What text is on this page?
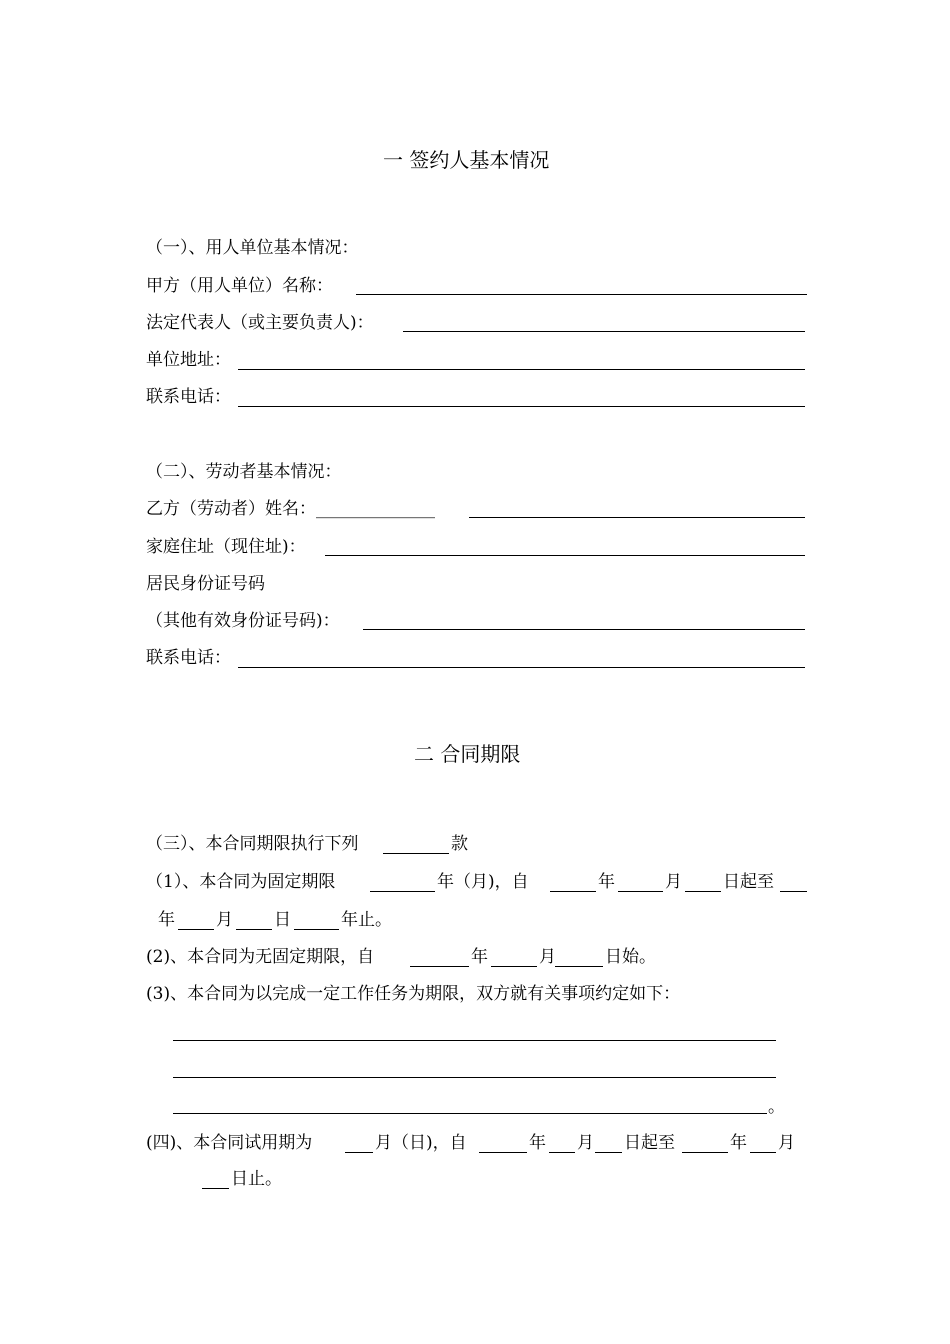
一 签约人基本情况
（一）、用人单位基本情况：
甲方（用人单位）名称：
法定代表人（或主要负责人)：
单位地址：
联系电话：
（二）、劳动者基本情况：
乙方（劳动者）姓名：______________
家庭住址（现住址)：
居民身份证号码
（其他有效身份证号码)：
联系电话：
二 合同期限
（三）、本合同期限执行下列	款
（1）、本合同为固定期限	年（月)，自	年	月 日起至
年 月 日	年止。
(2)、本合同为无固定期限，自	年	月	日始。
(3)、本合同为以完成一定工作任务为期限，双方就有关事项约定如下：
。
(四)、本合同试用期为	月（日)，自	年 月 日起至	年 月
日止。
